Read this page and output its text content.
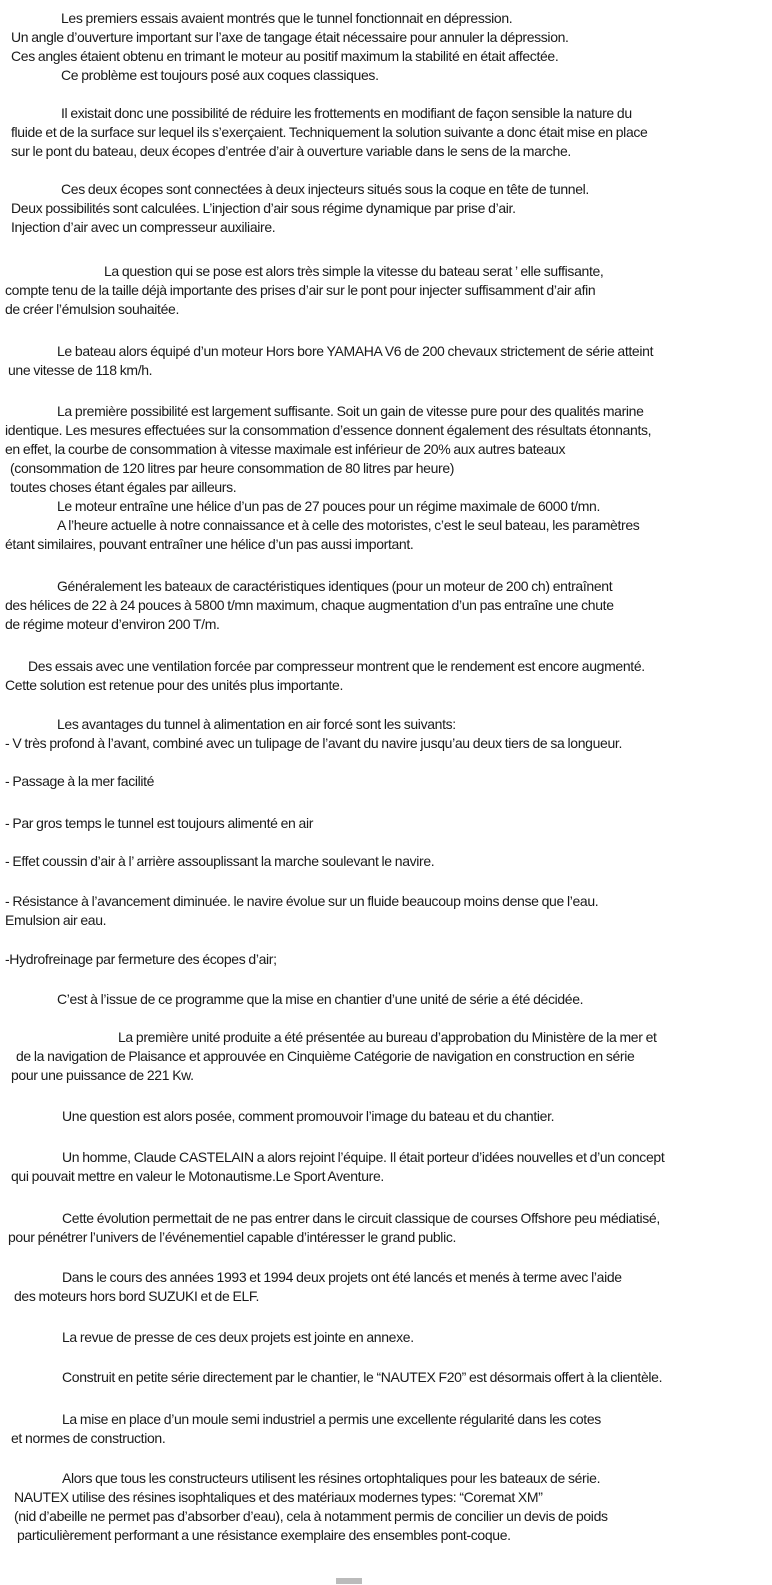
Les premiers essais avaient montrés que le tunnel fonctionnait en dépression.
Un angle d’ouverture important sur l’axe de tangage était nécessaire pour annuler la dépression.
Ces angles étaient obtenu en trimant le moteur au positif maximum la stabilité en était affectée.
Ce problème est toujours posé aux coques classiques.
Il existait donc une possibilité de réduire les frottements en modifiant de façon sensible la nature du
fluide et de la surface sur lequel ils s’exerçaient. Techniquement la solution suivante a donc était mise en place
sur le pont du bateau, deux écopes d’entrée d’air à ouverture variable dans le sens de la marche.
Ces deux écopes sont connectées à deux injecteurs situés sous la coque en tête de tunnel.
Deux possibilités sont calculées. L’injection d’air sous régime dynamique par prise d’air.
Injection d’air avec un compresseur auxiliaire.
La question qui se pose est alors très simple la vitesse du bateau serat ’ elle suffisante,
compte tenu de la taille déjà importante des prises d’air sur le pont pour injecter suffisamment d’air afin
de créer l’émulsion souhaitée.
Le bateau alors équipé d’un moteur Hors bore YAMAHA V6 de 200 chevaux strictement de série atteint
une vitesse de 118 km/h.
La première possibilité est largement suffisante. Soit un gain de vitesse pure pour des qualités marine
identique. Les mesures effectuées sur la consommation d’essence donnent également des résultats étonnants,
en effet, la courbe de consommation à vitesse maximale est inférieur de 20% aux autres bateaux
(consommation de 120 litres par heure consommation de 80 litres par heure)
toutes choses étant égales par ailleurs.
Le moteur entraîne une hélice d’un pas de 27 pouces pour un régime maximale de 6000 t/mn.
A l’heure actuelle à notre connaissance et à celle des motoristes, c’est le seul bateau, les paramètres
étant similaires, pouvant entraîner une hélice d’un pas aussi important.
Généralement les bateaux de caractéristiques identiques (pour un moteur de 200 ch) entraînent
des hélices de 22 à 24 pouces à 5800 t/mn maximum, chaque augmentation d’un pas entraîne une chute
de régime moteur d’environ 200 T/m.
Des essais avec une ventilation forcée par compresseur montrent que le rendement est encore augmenté.
Cette solution est retenue pour des unités plus importante.
Les avantages du tunnel à alimentation en air forcé sont les suivants:
- V très profond à l’avant, combiné avec un tulipage de l’avant du navire jusqu’au deux tiers de sa longueur.
- Passage à la mer facilité
- Par gros temps le tunnel est toujours alimenté en air
- Effet coussin d’air à l’ arrière assouplissant la marche soulevant le navire.
- Résistance à l’avancement diminuée. le navire évolue sur un fluide beaucoup moins dense que l’eau.
Emulsion air eau.
-Hydrofreinage par fermeture des écopes d’air;
C’est à l’issue de ce programme que la mise en chantier d’une unité de série a été décidée.
La première unité produite a été présentée au bureau d’approbation du Ministère de la mer et
de la navigation de Plaisance et approuvée en Cinquième Catégorie de navigation en construction en série
pour une puissance de 221 Kw.
Une question est alors posée, comment promouvoir l’image du bateau et du chantier.
Un homme, Claude CASTELAIN a alors rejoint l’équipe. Il était porteur d’idées nouvelles et d’un concept
qui pouvait mettre en valeur le Motonautisme.Le Sport Aventure.
Cette évolution permettait de ne pas entrer dans le circuit classique de courses Offshore peu médiatisé,
pour pénétrer l’univers de l’événementiel capable d’intéresser le grand public.
Dans le cours des années 1993 et 1994 deux projets ont été lancés et menés à terme avec l’aide
des moteurs hors bord SUZUKI et de ELF.
La revue de presse de ces deux projets est jointe en annexe.
Construit en petite série directement par le chantier, le “NAUTEX F20” est désormais offert à la clientèle.
La mise en place d’un moule semi industriel a permis une excellente régularité dans les cotes
et normes de construction.
Alors que tous les constructeurs utilisent les résines ortophtaliques pour les bateaux de série.
NAUTEX utilise des résines isophtaliques et des matériaux modernes types: “Coremat XM”
(nid d’abeille ne permet pas d’absorber d’eau), cela à notamment permis de concilier un devis de poids
particulièrement performant a une résistance exemplaire des ensembles pont-coque.
